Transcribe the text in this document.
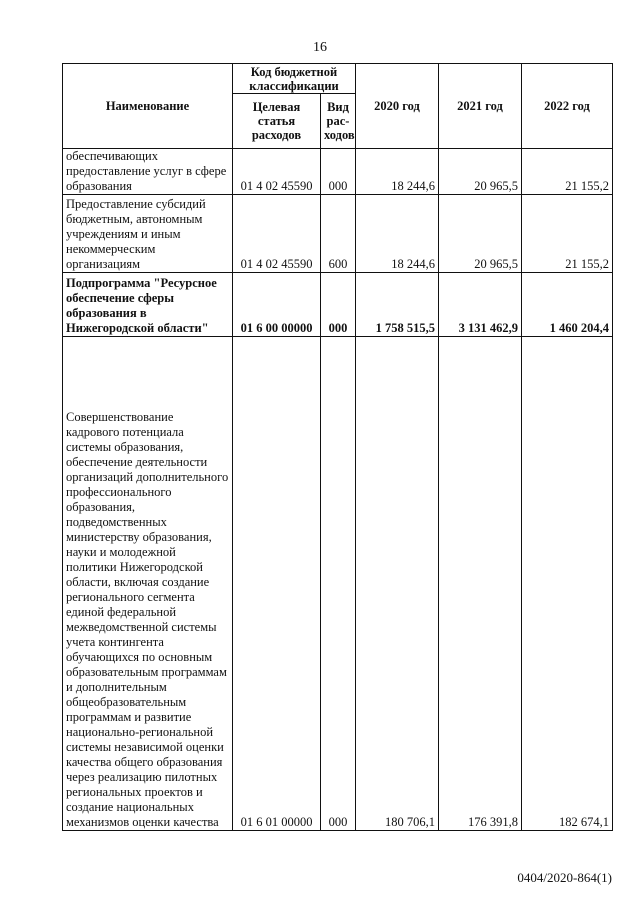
16
Наименование	Код бюджетной классификации		2020 год	2021 год	2022 год
	Целевая статья расходов	Вид рас-ходов			
обеспечивающих предоставление услуг в сфере образования	01 4 02 45590	000	18 244,6	20 965,5	21 155,2
Предоставление субсидий бюджетным, автономным учреждениям и иным некоммерческим организациям	01 4 02 45590	600	18 244,6	20 965,5	21 155,2
Подпрограмма "Ресурсное обеспечение сферы образования в Нижегородской области"	01 6 00 00000	000	1 758 515,5	3 131 462,9	1 460 204,4
Совершенствование кадрового потенциала системы образования, обеспечение деятельности организаций дополнительного профессионального образования, подведомственных министерству образования, науки и молодежной политики Нижегородской области, включая создание регионального сегмента единой федеральной межведомственной системы учета контингента обучающихся по основным образовательным программам и дополнительным общеобразовательным программам и развитие национально-региональной системы независимой оценки качества общего образования через реализацию пилотных региональных проектов и создание национальных механизмов оценки качества	01 6 01 00000	000	180 706,1	176 391,8	182 674,1
0404/2020-864(1)
